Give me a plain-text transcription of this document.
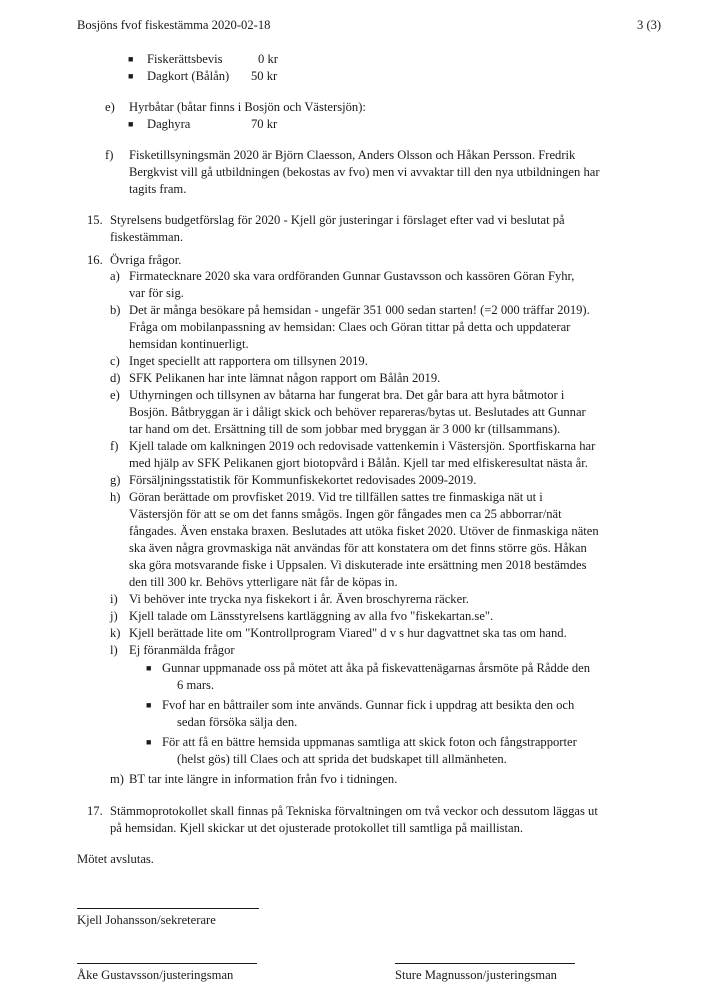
Bosjöns fvof fiskestämma 2020-02-18	3 (3)
■ Fiskerättsbevis	0 kr
■ Dagkort (Bålån) 50 kr
e) Hyrbåtar (båtar finns i Bosjön och Västersjön):
■ Daghyra	70 kr
f) Fisketillsyningsmän 2020 är Björn Claesson, Anders Olsson och Håkan Persson. Fredrik
Bergkvist vill gå utbildningen (bekostas av fvo) men vi avvaktar till den nya utbildningen har
tagits fram.
15. Styrelsens budgetförslag för 2020 - Kjell gör justeringar i förslaget efter vad vi beslutat på
fiskestämman.
16. Övriga frågor.
a) Firmatecknare 2020 ska vara ordföranden Gunnar Gustavsson och kassören Göran Fyhr,
var för sig.
b) Det är många besökare på hemsidan - ungefär 351 000 sedan starten! (=2 000 träffar 2019).
Fråga om mobilanpassning av hemsidan: Claes och Göran tittar på detta och uppdaterar
hemsidan kontinuerligt.
c) Inget speciellt att rapportera om tillsynen 2019.
d) SFK Pelikanen har inte lämnat någon rapport om Bålån 2019.
e) Uthyrningen och tillsynen av båtarna har fungerat bra. Det går bara att hyra båtmotor i
Bosjön. Båtbryggan är i dåligt skick och behöver repareras/bytas ut. Beslutades att Gunnar
tar hand om det. Ersättning till de som jobbar med bryggan är 3 000 kr (tillsammans).
f) Kjell talade om kalkningen 2019 och redovisade vattenkemin i Västersjön. Sportfiskarna har
med hjälp av SFK Pelikanen gjort biotopvård i Bålån. Kjell tar med elfiskeresultat nästa år.
g) Försäljningsstatistik för Kommunfiskekortet redovisades 2009-2019.
h) Göran berättade om provfisket 2019. Vid tre tillfällen sattes tre finmaskiga nät ut i
Västersjön för att se om det fanns smågös. Ingen gör fångades men ca 25 abborrar/nät
fångades. Även enstaka braxen. Beslutades att utöka fisket 2020. Utöver de finmaskiga näten
ska även några grovmaskiga nät användas för att konstatera om det finns större gös. Håkan
ska göra motsvarande fiske i Uppsalen. Vi diskuterade inte ersättning men 2018 bestämdes
den till 300 kr. Behövs ytterligare nät får de köpas in.
i) Vi behöver inte trycka nya fiskekort i år. Även broschyrerna räcker.
j) Kjell talade om Länsstyrelsens kartläggning av alla fvo "fiskekartan.se".
k) Kjell berättade lite om "Kontrollprogram Viared" d v s hur dagvattnet ska tas om hand.
l) Ej föranmälda frågor
■ Gunnar uppmanade oss på mötet att åka på fiskevattenägarnas årsmöte på Rådde den
6 mars.
■ Fvof har en båttrailer som inte används. Gunnar fick i uppdrag att besikta den och
sedan försöka sälja den.
■ För att få en bättre hemsida uppmanas samtliga att skick foton och fångstrapporter
(helst gös) till Claes och att sprida det budskapet till allmänheten.
m) BT tar inte längre in information från fvo i tidningen.
17. Stämmoprotokollet skall finnas på Tekniska förvaltningen om två veckor och dessutom läggas ut
på hemsidan. Kjell skickar ut det ojusterade protokollet till samtliga på maillistan.
Mötet avslutas.
Kjell Johansson/sekreterare
Åke Gustavsson/justeringsman	Sture Magnusson/justeringsman
